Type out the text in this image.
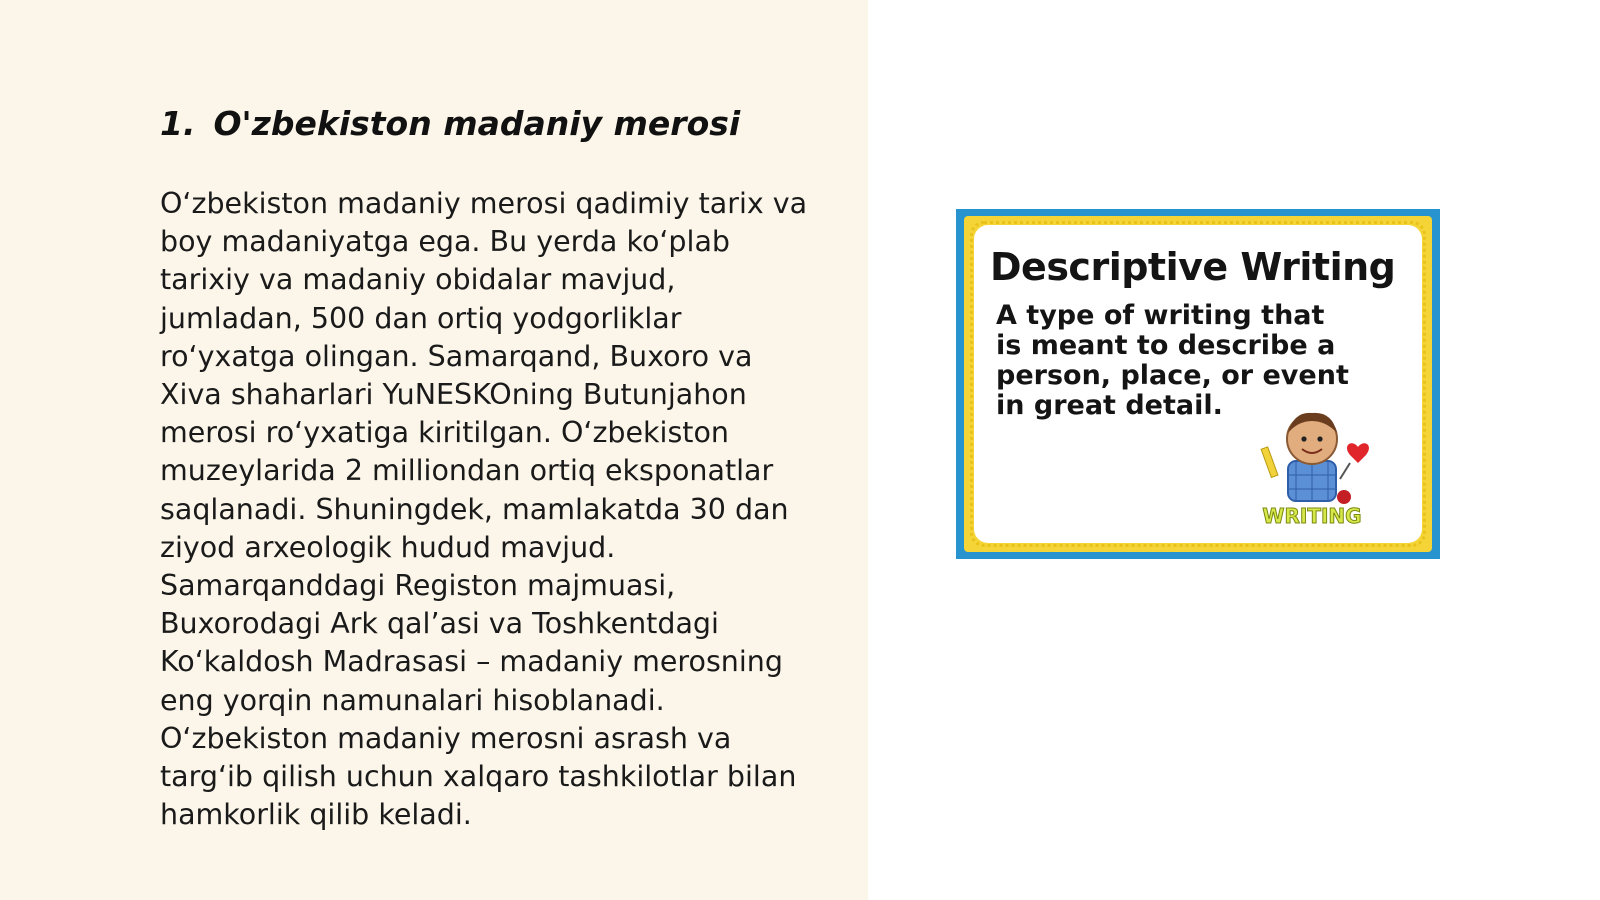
1. O'zbekiston madaniy merosi

O‘zbekiston madaniy merosi qadimiy tarix va
boy madaniyatga ega. Bu yerda ko‘plab
tarixiy va madaniy obidalar mavjud,
jumladan, 500 dan ortiq yodgorliklar
ro‘yxatga olingan. Samarqand, Buxoro va
Xiva shaharlari YuNESKOning Butunjahon
merosi ro‘yxatiga kiritilgan. O‘zbekiston
muzeylarida 2 milliondan ortiq eksponatlar
saqlanadi. Shuningdek, mamlakatda 30 dan
ziyod arxeologik hudud mavjud.
Samarqanddagi Registon majmuasi,
Buxorodagi Ark qal’asi va Toshkentdagi
Ko‘kaldosh Madrasasi – madaniy merosning
eng yorqin namunalari hisoblanadi.
O‘zbekiston madaniy merosni asrash va
targ‘ib qilish uchun xalqaro tashkilotlar bilan
hamkorlik qilib keladi.

Descriptive Writing

A type of writing that
is meant to describe a
person, place, or event
in great detail.

WRITING
